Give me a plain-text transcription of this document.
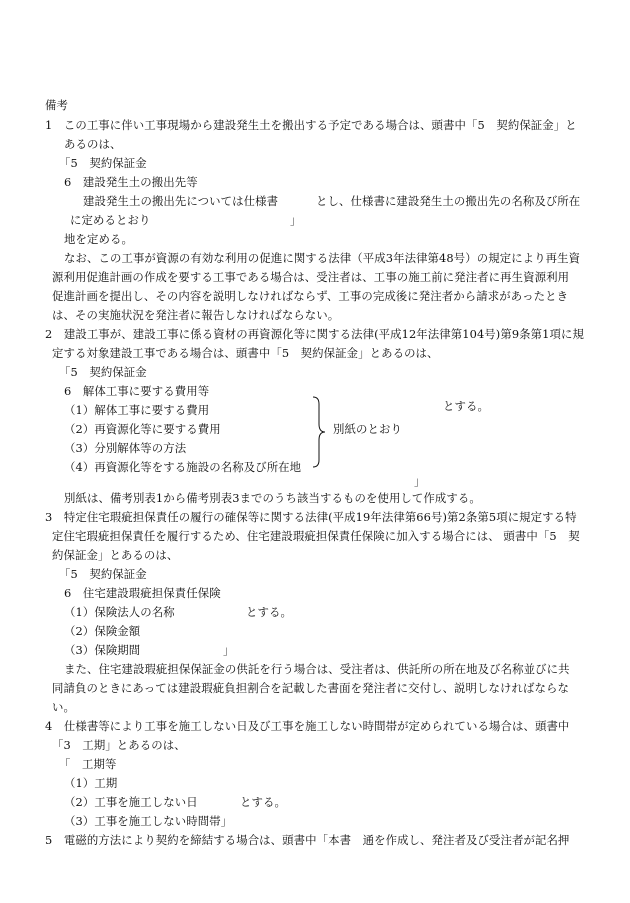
備考
1　この工事に伴い工事現場から建設発生土を搬出する予定である場合は、頭書中「5　契約保証金」と
あるのは、
「5　契約保証金
6　建設発生土の搬出先等
建設発生土の搬出先については仕様書	とし、仕様書に建設発生土の搬出先の名称及び所在
に定めるとおり	」
地を定める。
なお、この工事が資源の有効な利用の促進に関する法律（平成3年法律第48号）の規定により再生資
源利用促進計画の作成を要する工事である場合は、受注者は、工事の施工前に発注者に再生資源利用
促進計画を提出し、その内容を説明しなければならず、工事の完成後に発注者から請求があったとき
は、その実施状況を発注者に報告しなければならない。
2　建設工事が、建設工事に係る資材の再資源化等に関する法律(平成12年法律第104号)第9条第1項に規
定する対象建設工事である場合は、頭書中「5　契約保証金」とあるのは、
「5　契約保証金
6　解体工事に要する費用等
（1）解体工事に要する費用
（2）再資源化等に要する費用
（3）分別解体等の方法
（4）再資源化等をする施設の名称及び所在地
別紙のとおり
とする。
」
別紙は、備考別表1から備考別表3までのうち該当するものを使用して作成する。
3　特定住宅瑕疵担保責任の履行の確保等に関する法律(平成19年法律第66号)第2条第5項に規定する特
定住宅瑕疵担保責任を履行するため、住宅建設瑕疵担保責任保険に加入する場合には、 頭書中「5　契
約保証金」とあるのは、
「5　契約保証金
6　住宅建設瑕疵担保責任保険
（1）保険法人の名称	とする。
（2）保険金額
（3）保険期間	」
また、住宅建設瑕疵担保保証金の供託を行う場合は、受注者は、供託所の所在地及び名称並びに共
同請負のときにあっては建設瑕疵負担割合を記載した書面を発注者に交付し、説明しなければならな
い。
4　仕様書等により工事を施工しない日及び工事を施工しない時間帯が定められている場合は、頭書中
「3　工期」とあるのは、
「　工期等
（1）工期
（2）工事を施工しない日	とする。
（3）工事を施工しない時間帯」
5　電磁的方法により契約を締結する場合は、頭書中「本書　通を作成し、発注者及び受注者が記名押
